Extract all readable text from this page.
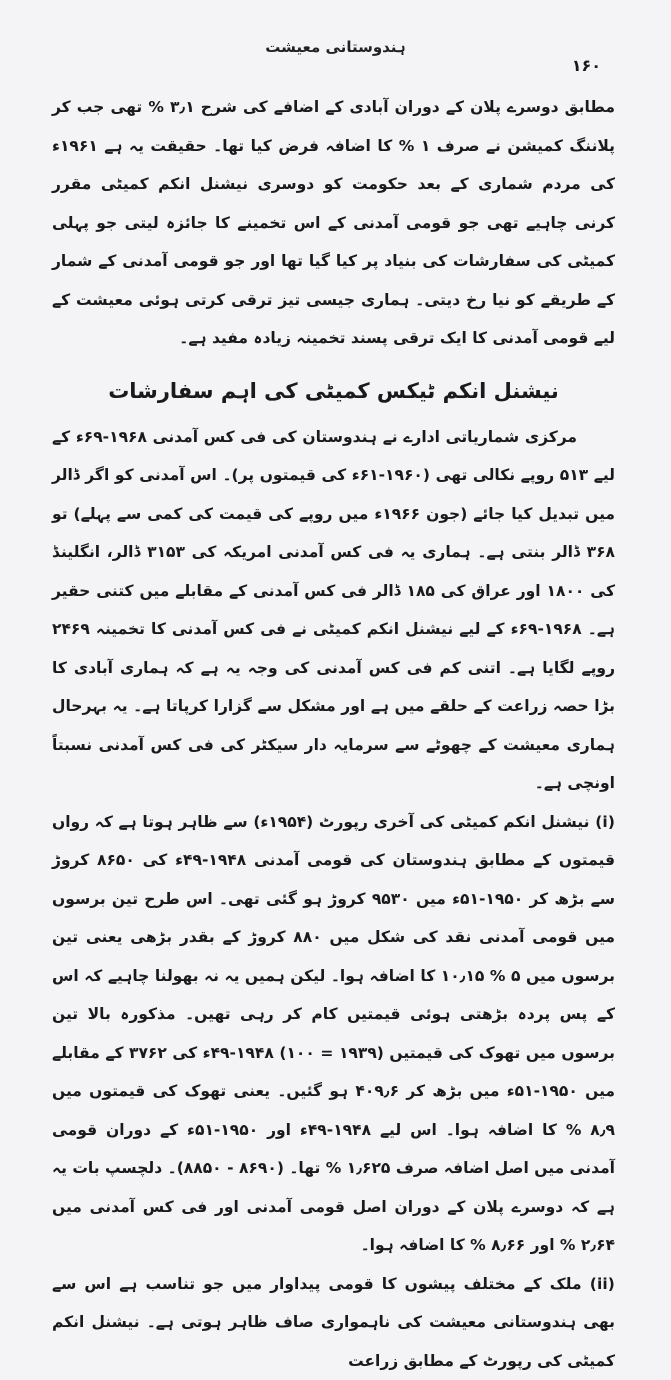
ہندوستانی معیشت
۱۶۰

مطابق دوسرے پلان کے دوران آبادی کے اضافے کی شرح ۳٫۱ % تھی جب کر پلاننگ کمیشن نے صرف ۱ % کا اضافہ فرض کیا تھا۔ حقیقت یہ ہے ۱۹۶۱ء کی مردم شماری کے بعد حکومت کو دوسری نیشنل انکم کمیٹی مقرر کرنی چاہیے تھی جو قومی آمدنی کے اس تخمینے کا جائزہ لیتی جو پہلی کمیٹی کی سفارشات کی بنیاد پر کیا گیا تھا اور جو قومی آمدنی کے شمار کے طریقے کو نیا رخ دیتی۔ ہماری جیسی تیز ترقی کرتی ہوئی معیشت کے لیے قومی آمدنی کا ایک ترقی پسند تخمینہ زیادہ مفید ہے۔

نیشنل انکم ٹیکس کمیٹی کی اہم سفارشات

مرکزی شماریاتی ادارے نے ہندوستان کی فی کس آمدنی ۱۹۶۸-۶۹ء کے لیے ۵۱۳ روپے نکالی تھی (۱۹۶۰-۶۱ء کی قیمتوں پر)۔ اس آمدنی کو اگر ڈالر میں تبدیل کیا جائے (جون ۱۹۶۶ء میں روپے کی قیمت کی کمی سے پہلے) تو ۳۶۸ ڈالر بنتی ہے۔ ہماری یہ فی کس آمدنی امریکہ کی ۳۱۵۳ ڈالر، انگلینڈ کی ۱۸۰۰ اور عراق کی ۱۸۵ ڈالر فی کس آمدنی کے مقابلے میں کتنی حقیر ہے۔ ۱۹۶۸-۶۹ء کے لیے نیشنل انکم کمیٹی نے فی کس آمدنی کا تخمینہ ۲۴۶۹ روپے لگایا ہے۔ اتنی کم فی کس آمدنی کی وجہ یہ ہے کہ ہماری آبادی کا بڑا حصہ زراعت کے حلقے میں ہے اور مشکل سے گزارا کرپاتا ہے۔ یہ بہرحال ہماری معیشت کے چھوٹے سے سرمایہ دار سیکٹر کی فی کس آمدنی نسبتاً اونچی ہے۔

(i) نیشنل انکم کمیٹی کی آخری رپورٹ (۱۹۵۴ء) سے ظاہر ہوتا ہے کہ رواں قیمتوں کے مطابق ہندوستان کی قومی آمدنی ۱۹۴۸-۴۹ء کی ۸۶۵۰ کروڑ سے بڑھ کر ۱۹۵۰-۵۱ء میں ۹۵۳۰ کروڑ ہو گئی تھی۔ اس طرح تین برسوں میں قومی آمدنی نقد کی شکل میں ۸۸۰ کروڑ کے بقدر بڑھی یعنی تین برسوں میں ۵ % ۱۰٫۱۵ کا اضافہ ہوا۔ لیکن ہمیں یہ نہ بھولنا چاہیے کہ اس کے پس پردہ بڑھتی ہوئی قیمتیں کام کر رہی تھیں۔ مذکورہ بالا تین برسوں میں تھوک کی قیمتیں (۱۹۳۹ = ۱۰۰) ۱۹۴۸-۴۹ء کی ۳۷۶۲ کے مقابلے میں ۱۹۵۰-۵۱ء میں بڑھ کر ۴۰۹٫۶ ہو گئیں۔ یعنی تھوک کی قیمتوں میں ۸٫۹ % کا اضافہ ہوا۔ اس لیے ۱۹۴۸-۴۹ء اور ۱۹۵۰-۵۱ء کے دوران قومی آمدنی میں اصل اضافہ صرف ۱٫۶۲۵ % تھا۔ (۸۶۹۰ - ۸۸۵۰)۔ دلچسپ بات یہ ہے کہ دوسرے پلان کے دوران اصل قومی آمدنی اور فی کس آمدنی میں ۲٫۶۴ % اور ۸٫۶۶ % کا اضافہ ہوا۔

(ii) ملک کے مختلف پیشوں کا قومی پیداوار میں جو تناسب ہے اس سے بھی ہندوستانی معیشت کی ناہمواری صاف ظاہر ہوتی ہے۔ نیشنل انکم کمیٹی کی رپورٹ کے مطابق زراعت
